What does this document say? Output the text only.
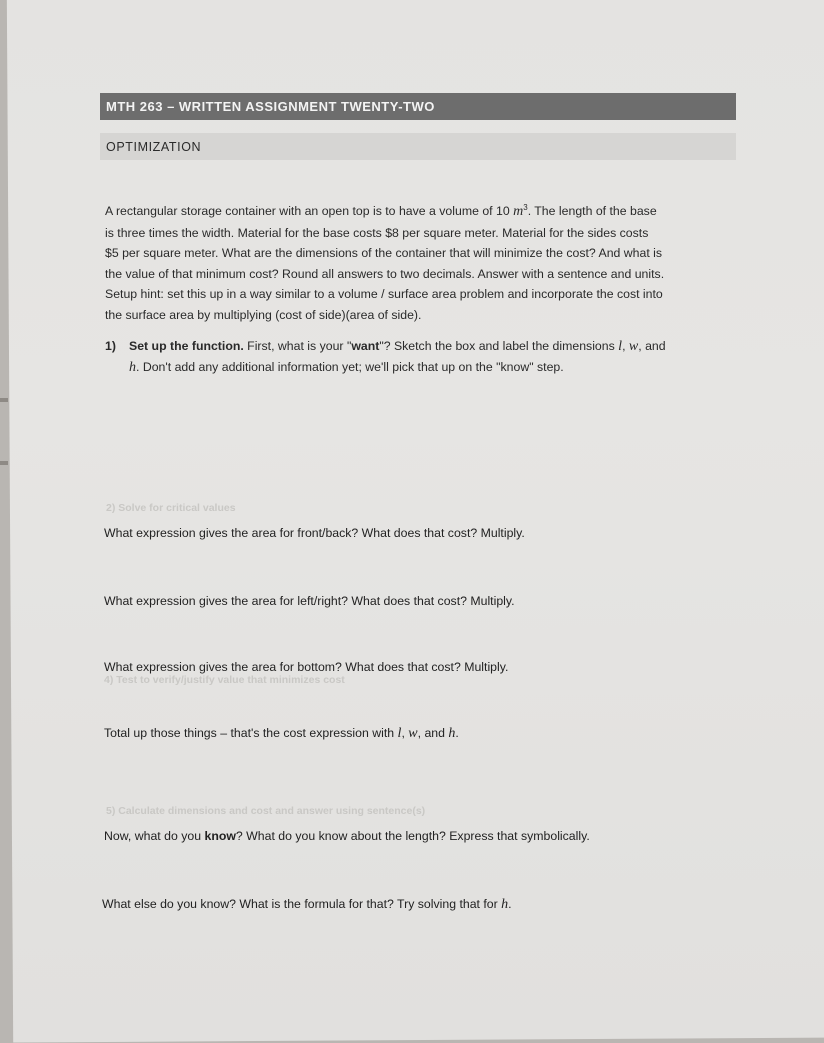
MTH 263 – WRITTEN ASSIGNMENT TWENTY-TWO
OPTIMIZATION
A rectangular storage container with an open top is to have a volume of 10 $m^3$. The length of the base
is three times the width. Material for the base costs $8 per square meter. Material for the sides costs
$5 per square meter. What are the dimensions of the container that will minimize the cost? And what is
the value of that minimum cost? Round all answers to two decimals. Answer with a sentence and units.
Setup hint: set this up in a way similar to a volume / surface area problem and incorporate the cost into
the surface area by multiplying (cost of side)(area of side).
1) Set up the function. First, what is your "want"? Sketch the box and label the dimensions l, w, and
h. Don't add any additional information yet; we'll pick that up on the "know" step.
2) Solve for critical values
4) Test to verify/justify value that minimizes cost
5) Calculate dimensions and cost and answer using sentence(s)
What expression gives the area for front/back? What does that cost? Multiply.
What expression gives the area for left/right? What does that cost? Multiply.
What expression gives the area for bottom? What does that cost? Multiply.
Total up those things – that's the cost expression with l, w, and h.
Now, what do you know? What do you know about the length? Express that symbolically.
What else do you know? What is the formula for that? Try solving that for h.
